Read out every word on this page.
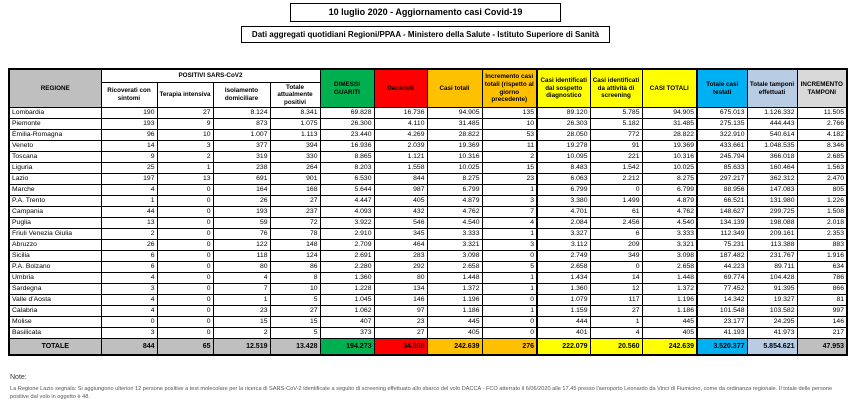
10 luglio 2020 - Aggiornamento casi Covid-19
Dati aggregati quotidiani Regioni/PPAA - Ministero della Salute - Istituto Superiore di Sanità
REGIONE	POSITIVI SARS-CoV2				DIMESSI GUARITI	Deceduti	Casi totali	Incremento casi totali (rispetto al giorno precedente)	Casi identificati dal sospetto diagnostico	Casi identificati da attività di screening	CASI TOTALI	Totale casi testati	Totale tamponi effettuati	INCREMENTO TAMPONI
	Ricoverati con sintomi	Terapia intensiva	Isolamento domiciliare	Totale attualmente positivi										
Lombardia	190	27	8.124	8.341	69.828	16.736	94.905	135	89.120	5.785	94.905	675.013	1.126.332	11.505
Piemonte	193	9	873	1.075	26.300	4.110	31.485	10	26.303	5.182	31.485	275.135	444.443	2.766
Emilia-Romagna	96	10	1.007	1.113	23.440	4.269	28.822	53	28.050	772	28.822	322.910	540.614	4.182
Veneto	14	3	377	394	16.936	2.039	19.369	11	19.278	91	19.369	433.661	1.048.535	8.346
Toscana	9	2	319	330	8.865	1.121	10.316	2	10.095	221	10.316	245.794	366.018	2.685
Liguria	25	1	238	264	8.203	1.558	10.025	15	8.483	1.542	10.025	85.633	160.464	1.563
Lazio	197	13	691	901	6.530	844	8.275	23	6.063	2.212	8.275	297.217	362.312	2.470
Marche	4	0	164	168	5.644	987	6.799	1	6.799	0	6.799	88.956	147.083	805
P.A. Trento	1	0	26	27	4.447	405	4.879	3	3.380	1.499	4.879	66.521	131.980	1.226
Campania	44	0	193	237	4.093	432	4.762	7	4.701	61	4.762	148.627	299.725	1.508
Puglia	13	0	59	72	3.922	546	4.540	4	2.084	2.456	4.540	134.139	198.088	2.018
Friuli Venezia Giulia	2	0	76	78	2.910	345	3.333	1	3.327	6	3.333	112.349	209.161	2.353
Abruzzo	26	0	122	148	2.709	464	3.321	3	3.112	209	3.321	75.231	113.388	883
Sicilia	6	0	118	124	2.691	283	3.098	0	2.749	349	3.098	187.482	231.767	1.916
P.A. Bolzano	6	0	80	86	2.280	292	2.658	5	2.658	0	2.658	44.223	89.711	634
Umbria	4	0	4	8	1.360	80	1.448	1	1.434	14	1.448	69.774	104.428	786
Sardegna	3	0	7	10	1.228	134	1.372	1	1.360	12	1.372	77.452	91.395	866
Valle d'Aosta	4	0	1	5	1.045	146	1.196	0	1.079	117	1.196	14.342	19.327	81
Calabria	4	0	23	27	1.062	97	1.186	1	1.159	27	1.186	101.548	103.582	997
Molise	0	0	15	15	407	23	445	0	444	1	445	23.177	24.295	146
Basilicata	3	0	2	5	373	27	405	0	401	4	405	41.193	41.973	217
TOTALE	844	65	12.519	13.428	194.273	34.938	242.639	276	222.079	20.560	242.639	3.520.377	5.854.621	47.953
Note:
La Regione Lazio segnala: Si aggiungono ulteriori 12 persone positive a test molecolare per la ricerca di SARS-CoV-2 identificate a seguito di screening effettuato allo sbarco del volo DACCA - FCO atterrato il 6/06/2020 alle 17.45 presso l'aeroporto Leonardo da Vinci di Fiumicino, come da ordinanza regionale. Il totale delle persone positive dal volo in oggetto è 48.
